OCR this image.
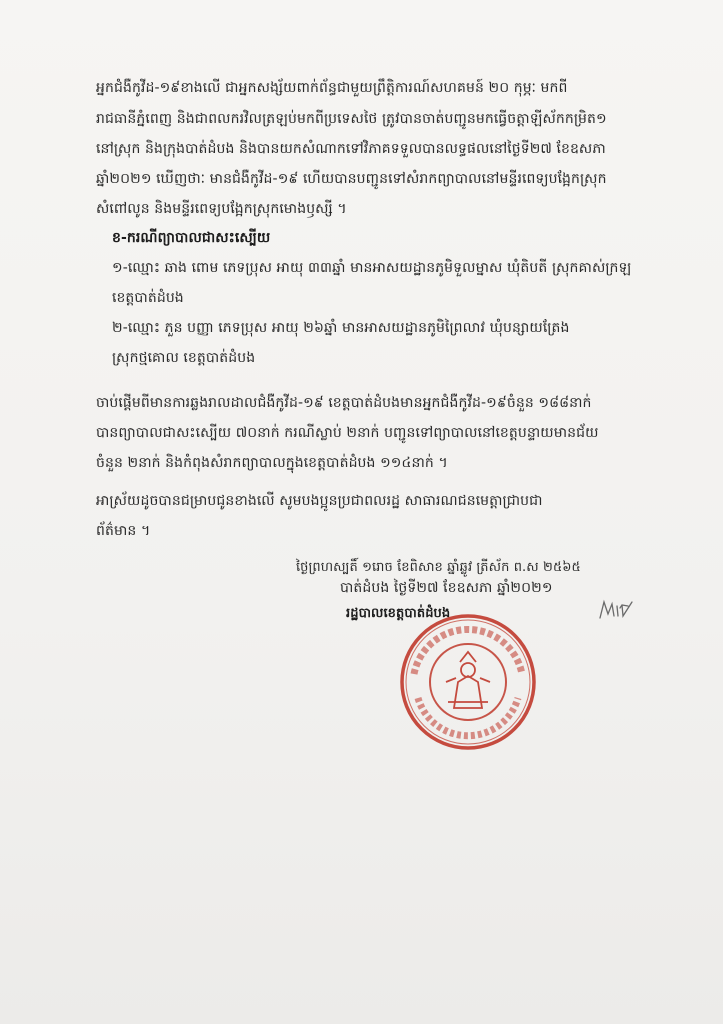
អ្នកជំងឺកូវីដ-១៩ខាងលើ ជាអ្នកសង្ស័យពាក់ព័ន្ធជាមួយព្រឹត្តិការណ៍សហគមន៍ ២០ កុម្ភៈ មកពី
រាជធានីភ្នំពេញ និងជាពលករវិលត្រឡប់មកពីប្រទេសថៃ ត្រូវបានចាត់បញ្ជូនមកធ្វើចត្តាឡីស័កកម្រិត១
នៅស្រុក និងក្រុងបាត់ដំបង និងបានយកសំណាកទៅវិភាគទទួលបានលទ្ធផលនៅថ្ងៃទី២៧ ខែឧសភា
ឆ្នាំ២០២១ ឃើញថាៈ មានជំងឺកូវីដ-១៩ ហើយបានបញ្ជូនទៅសំរាកព្យាបាលនៅមន្ទីរពេទ្យបង្អែកស្រុក
សំពៅលូន និងមន្ទីរពេទ្យបង្អែកស្រុកមោងឫស្សី ។
ខ-ករណីព្យាបាលជាសះស្បើយ
១-ឈ្មោះ ឆាង ពោម ភេទប្រុស អាយុ ៣៣ឆ្នាំ មានអាសយដ្ឋានភូមិទួលម្នាស ឃុំតិបតី ស្រុកគាស់ក្រឡ
ខេត្តបាត់ដំបង
២-ឈ្មោះ ភួន បញ្ញា ភេទប្រុស អាយុ ២៦ឆ្នាំ មានអាសយដ្ឋានភូមិព្រៃលាវ ឃុំបន្សាយត្រែង
ស្រុកថ្មគោល ខេត្តបាត់ដំបង
ចាប់ផ្តើមពីមានការឆ្លងរាលដាលជំងឺកូវីដ-១៩ ខេត្តបាត់ដំបងមានអ្នកជំងឺកូវីដ-១៩ចំនួន ១៨៨នាក់
បានព្យាបាលជាសះស្បើយ ៧០នាក់ ករណីស្លាប់ ២នាក់ បញ្ជូនទៅព្យាបាលនៅខេត្តបន្ទាយមានជ័យ
ចំនួន ២នាក់ និងកំពុងសំរាកព្យាបាលក្នុងខេត្តបាត់ដំបង ១១៤នាក់ ។
អាស្រ័យដូចបានជម្រាបជូនខាងលើ សូមបងប្អូនប្រជាពលរដ្ឋ សាធារណជនមេត្តាជ្រាបជា
ព័ត៌មាន ។
ថ្ងៃព្រហស្បតិ៍ ១រោច ខែពិសាខ ឆ្នាំឆ្លូវ ត្រីស័ក ព.ស ២៥៦៥
បាត់ដំបង ថ្ងៃទី២៧ ខែឧសភា ឆ្នាំ២០២១
រដ្ឋបាលខេត្តបាត់ដំបង
